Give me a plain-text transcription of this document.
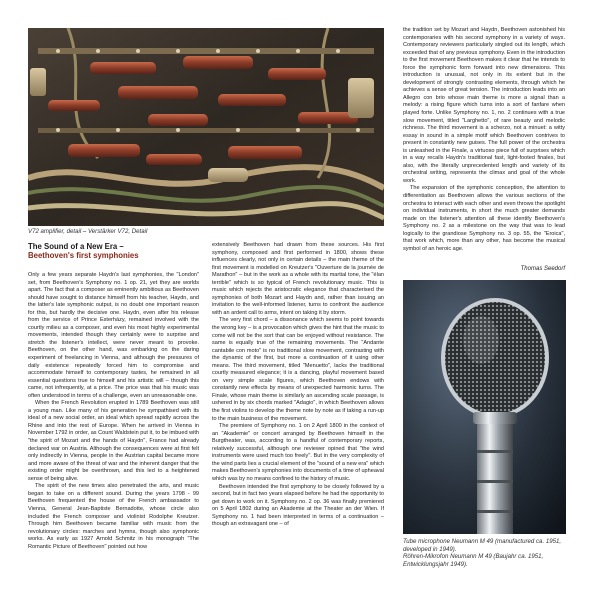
V72 amplifier, detail – Verstärker V72, Detail
The Sound of a New Era –
Beethoven's first symphonies

Only a few years separate Haydn's last symphonies, the "London" set, from Beethoven's Symphony no. 1 op. 21, yet they are worlds apart. The fact that a composer as eminently ambitious as Beethoven should have sought to distance himself from his teacher, Haydn, and the latter's late symphonic output, is no doubt one important reason for this, but hardly the decisive one. Haydn, even after his release from the service of Prince Esterházy, remained involved with the courtly milieu as a composer, and even his most highly experimental movements, intended though they certainly were to surprise and stretch the listener's intellect, were never meant to provoke. Beethoven, on the other hand, was embarking on the daring experiment of freelancing in Vienna, and although the pressures of daily existence repeatedly forced him to compromise and accommodate himself to contemporary tastes, he remained in all essential questions true to himself and his artistic will – though this came, not infrequently, at a price. The price was that his music was often understood in terms of a challenge, even an unreasonable one.

When the French Revolution erupted in 1789 Beethoven was still a young man. Like many of his generation he sympathised with its ideal of a new social order, an ideal which spread rapidly across the Rhine and into the rest of Europe. When he arrived in Vienna in November 1792 in order, as Count Waldstein put it, to be imbued with "the spirit of Mozart and the hands of Haydn", France had already declared war on Austria. Although the consequences were at first felt only indirectly in Vienna, people in the Austrian capital became more and more aware of the threat of war and the inherent danger that the existing order might be overthrown, and this led to a heightened sense of being alive.

The spirit of the new times also penetrated the arts, and music began to take on a different sound. During the years 1798 - 99 Beethoven frequented the house of the French ambassador to Vienna, General Jean-Baptiste Bernadotte, whose circle also included the French composer and violinist Rodolphe Kreutzer. Through him Beethoven became familiar with music from the revolutionary circles: marches and hymns, though also symphonic works. As early as 1927 Arnold Schmitz in his monograph "The Romantic Picture of Beethoven" pointed out how

extensively Beethoven had drawn from these sources. His first symphony, composed and first performed in 1800, shows these influences clearly, not only in certain details – the main theme of the first movement is modelled on Kreutzer's "Ouverture de la journée de Marathon" – but in the work as a whole with its martial tone, the "élan terrible" which is so typical of French revolutionary music. This is music which rejects the aristocratic elegance that characterised the symphonies of both Mozart and Haydn and, rather than issuing an invitation to the well-informed listener, turns to confront the audience with an ardent call to arms, intent on taking it by storm.

The very first chord – a dissonance which seems to point towards the wrong key – is a provocation which gives the hint that the music to come will not be the sort that can be enjoyed without resistance. The same is equally true of the remaining movements. The "Andante cantabile con moto" is no traditional slow movement, contrasting with the dynamic of the first, but more a continuation of it using other means. The third movement, titled "Menuetto", lacks the traditional courtly measured elegance; it is a dancing, playful movement based on very simple scale figures, which Beethoven endows with constantly new effects by means of unexpected harmonic turns. The Finale, whose main theme is similarly an ascending scale passage, is ushered in by six chords marked "Adagio", in which Beethoven allows the first violins to develop the theme note by note as if taking a run-up to the main business of the movement.

The premiere of Symphony no. 1 on 2 April 1800 in the context of an "Akademie" or concert arranged by Beethoven himself in the Burgtheater, was, according to a handful of contemporary reports, relatively successful, although one reviewer opined that "the wind instruments were used much too freely". But in the very complexity of the wind parts lies a crucial element of the "sound of a new era" which makes Beethoven's symphonies into documents of a time of upheaval which was by no means confined to the history of music.

Beethoven intended the first symphony to be closely followed by a second, but in fact two years elapsed before he had the opportunity to get down to work on it. Symphony no. 2 op. 36 was finally premiered on 5 April 1802 during an Akademie at the Theater an der Wien. If Symphony no. 1 had been interpreted in terms of a continuation – though an extravagant one – of

the tradition set by Mozart and Haydn, Beethoven astonished his contemporaries with his second symphony in a variety of ways. Contemporary reviewers particularly singled out its length, which exceeded that of any previous symphony. Even in the introduction to the first movement Beethoven makes it clear that he intends to force the symphonic form forward into new dimensions. This introduction is unusual, not only in its extent but in the development of strongly contrasting elements, through which he achieves a sense of great tension. The introduction leads into an Allegro con brio whose main theme is more a signal than a melody: a rising figure which turns into a sort of fanfare when played forte. Unlike Symphony no. 1, no. 2 continues with a true slow movement, titled "Larghetto", of rare beauty and melodic richness. The third movement is a scherzo, not a minuet: a witty essay in sound in a simple motif which Beethoven contrives to present in constantly new guises. The full power of the orchestra is unleashed in the Finale, a virtuoso piece full of surprises which in a way recalls Haydn's traditional fast, light-footed finales, but also, with the literally unprecedented length and variety of its orchestral writing, represents the climax and goal of the whole work.

The expansion of the symphonic conception, the attention to differentiation as Beethoven allows the various sections of the orchestra to interact with each other and even throws the spotlight on individual instruments, in short the much greater demands made on the listener's attention all these identify Beethoven's Symphony no. 2 as a milestone on the way that was to lead logically to the grandiose Symphony no. 3 op. 55, the "Eroica", that work which, more than any other, has become the musical symbol of an heroic age.

Thomas Seedorf
Tube microphone Neumann M 49 (manufactured ca. 1951, developed in 1949).
Röhren-Mikrofon Neumann M 49 (Baujahr ca. 1951, Entwicklungsjahr 1949).
